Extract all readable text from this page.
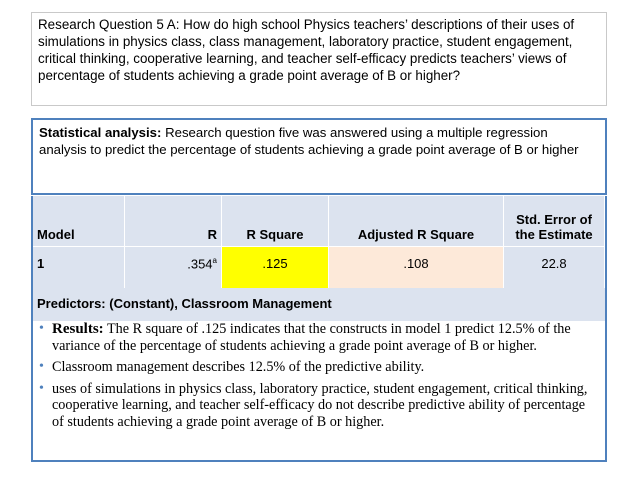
Research Question 5 A: How do high school Physics teachers’ descriptions of their uses of simulations in physics class, class management, laboratory practice, student engagement, critical thinking, cooperative learning, and teacher self-efficacy predicts teachers’ views of percentage of students achieving a grade point average of B or higher?
Statistical analysis: Research question five was answered using a multiple regression analysis to predict the percentage of students achieving a grade point average of B or higher
Model	R	R Square	Adjusted R Square	Std. Error of the Estimate
1	.354$^a$	.125	.108	22.8
Predictors: (Constant), Classroom Management
• Results: The R square of .125 indicates that the constructs in model 1 predict 12.5% of the variance of the percentage of students achieving a grade point average of B or higher.
• Classroom management describes 12.5% of the predictive ability.
• uses of simulations in physics class, laboratory practice, student engagement, critical thinking, cooperative learning, and teacher self-efficacy do not describe predictive ability of percentage of students achieving a grade point average of B or higher.
